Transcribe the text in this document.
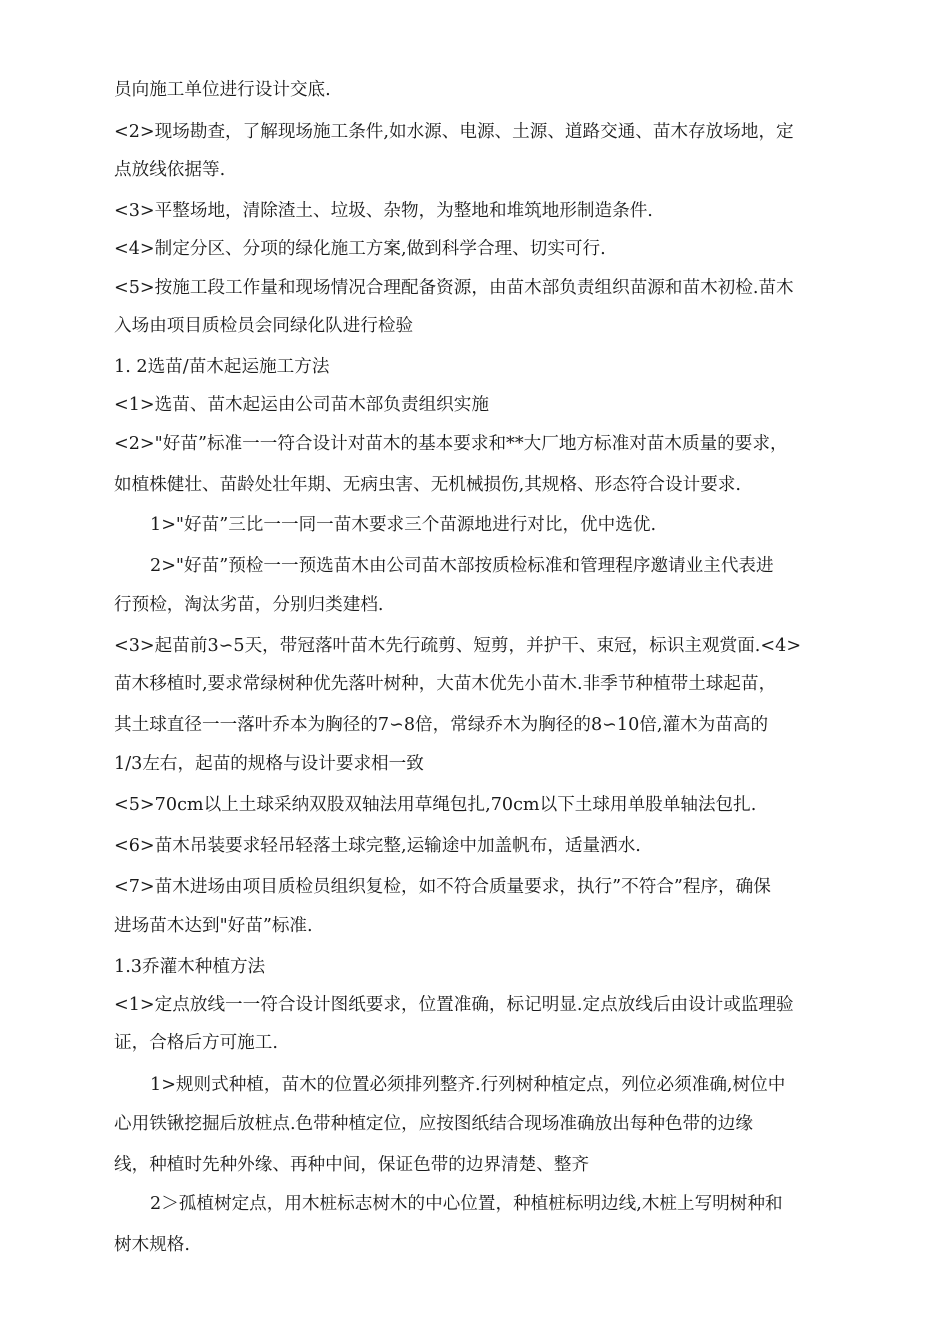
员向施工单位进行设计交底.

<2>现场勘查，了解现场施工条件,如水源、电源、土源、道路交通、苗木存放场地，定

点放线依据等.

<3>平整场地，清除渣土、垃圾、杂物，为整地和堆筑地形制造条件.

<4>制定分区、分项的绿化施工方案,做到科学合理、切实可行.

<5>按施工段工作量和现场情况合理配备资源，由苗木部负责组织苗源和苗木初检.苗木

入场由项目质检员会同绿化队进行检验

1. 2选苗/苗木起运施工方法

<1>选苗、苗木起运由公司苗木部负责组织实施

<2>"好苗”标准一一符合设计对苗木的基本要求和**大厂地方标准对苗木质量的要求，

如植株健壮、苗龄处壮年期、无病虫害、无机械损伤,其规格、形态符合设计要求.

1>"好苗”三比一一同一苗木要求三个苗源地进行对比，优中选优.

2>"好苗”预检一一预选苗木由公司苗木部按质检标准和管理程序邀请业主代表进

行预检，淘汰劣苗，分别归类建档.

<3>起苗前3∽5天，带冠落叶苗木先行疏剪、短剪，并护干、束冠，标识主观赏面.<4>

苗木移植时,要求常绿树种优先落叶树种，大苗木优先小苗木.非季节种植带土球起苗，

其土球直径一一落叶乔本为胸径的7∽8倍，常绿乔木为胸径的8∽10倍,灌木为苗高的

1/3左右，起苗的规格与设计要求相一致

<5>70cm以上土球采纳双股双轴法用草绳包扎,70cm以下土球用单股单轴法包扎.

<6>苗木吊装要求轻吊轻落土球完整,运输途中加盖帆布，适量洒水.

<7>苗木进场由项目质检员组织复检，如不符合质量要求，执行”不符合”程序，确保

进场苗木达到"好苗”标准.

1.3乔灌木种植方法

<1>定点放线一一符合设计图纸要求，位置准确，标记明显.定点放线后由设计或监理验

证，合格后方可施工.

1>规则式种植，苗木的位置必须排列整齐.行列树种植定点，列位必须准确,树位中

心用铁锹挖掘后放桩点.色带种植定位，应按图纸结合现场准确放出每种色带的边缘

线，种植时先种外缘、再种中间，保证色带的边界清楚、整齐

2＞孤植树定点，用木桩标志树木的中心位置，种植桩标明边线,木桩上写明树种和

树木规格.
